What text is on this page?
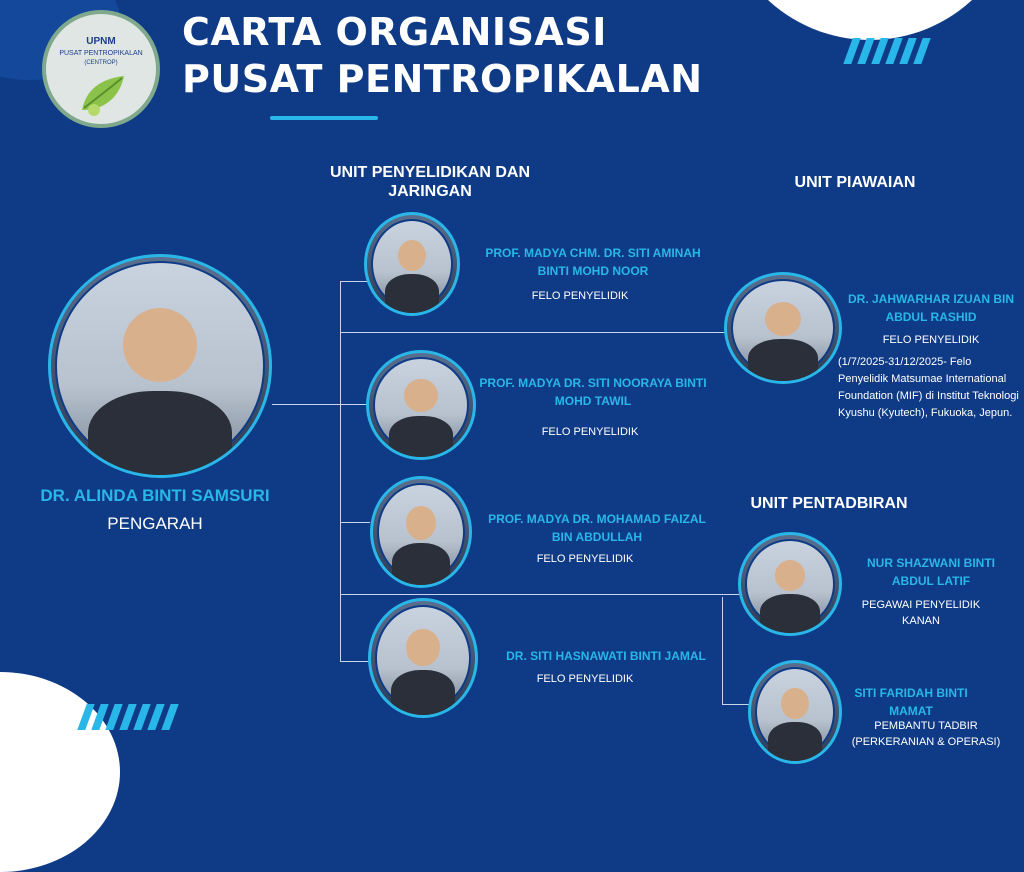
UPNM
PUSAT PENTROPIKALAN
(CENTROP)
CARTA ORGANISASI
PUSAT PENTROPIKALAN
DR. ALINDA BINTI SAMSURI
PENGARAH
UNIT PENYELIDIKAN DAN JARINGAN
PROF. MADYA CHM. DR. SITI AMINAH BINTI MOHD NOOR
FELO PENYELIDIK
PROF. MADYA DR. SITI NOORAYA BINTI MOHD TAWIL
FELO PENYELIDIK
PROF. MADYA DR. MOHAMAD FAIZAL BIN ABDULLAH
FELO PENYELIDIK
DR. SITI HASNAWATI BINTI JAMAL
FELO PENYELIDIK
UNIT PIAWAIAN
DR. JAHWARHAR IZUAN BIN ABDUL RASHID
FELO PENYELIDIK
(1/7/2025-31/12/2025- Felo Penyelidik Matsumae International Foundation (MIF) di Institut Teknologi Kyushu (Kyutech), Fukuoka, Jepun.
UNIT PENTADBIRAN
NUR SHAZWANI BINTI ABDUL LATIF
PEGAWAI PENYELIDIK KANAN
SITI FARIDAH BINTI MAMAT
PEMBANTU TADBIR (PERKERANIAN & OPERASI)
